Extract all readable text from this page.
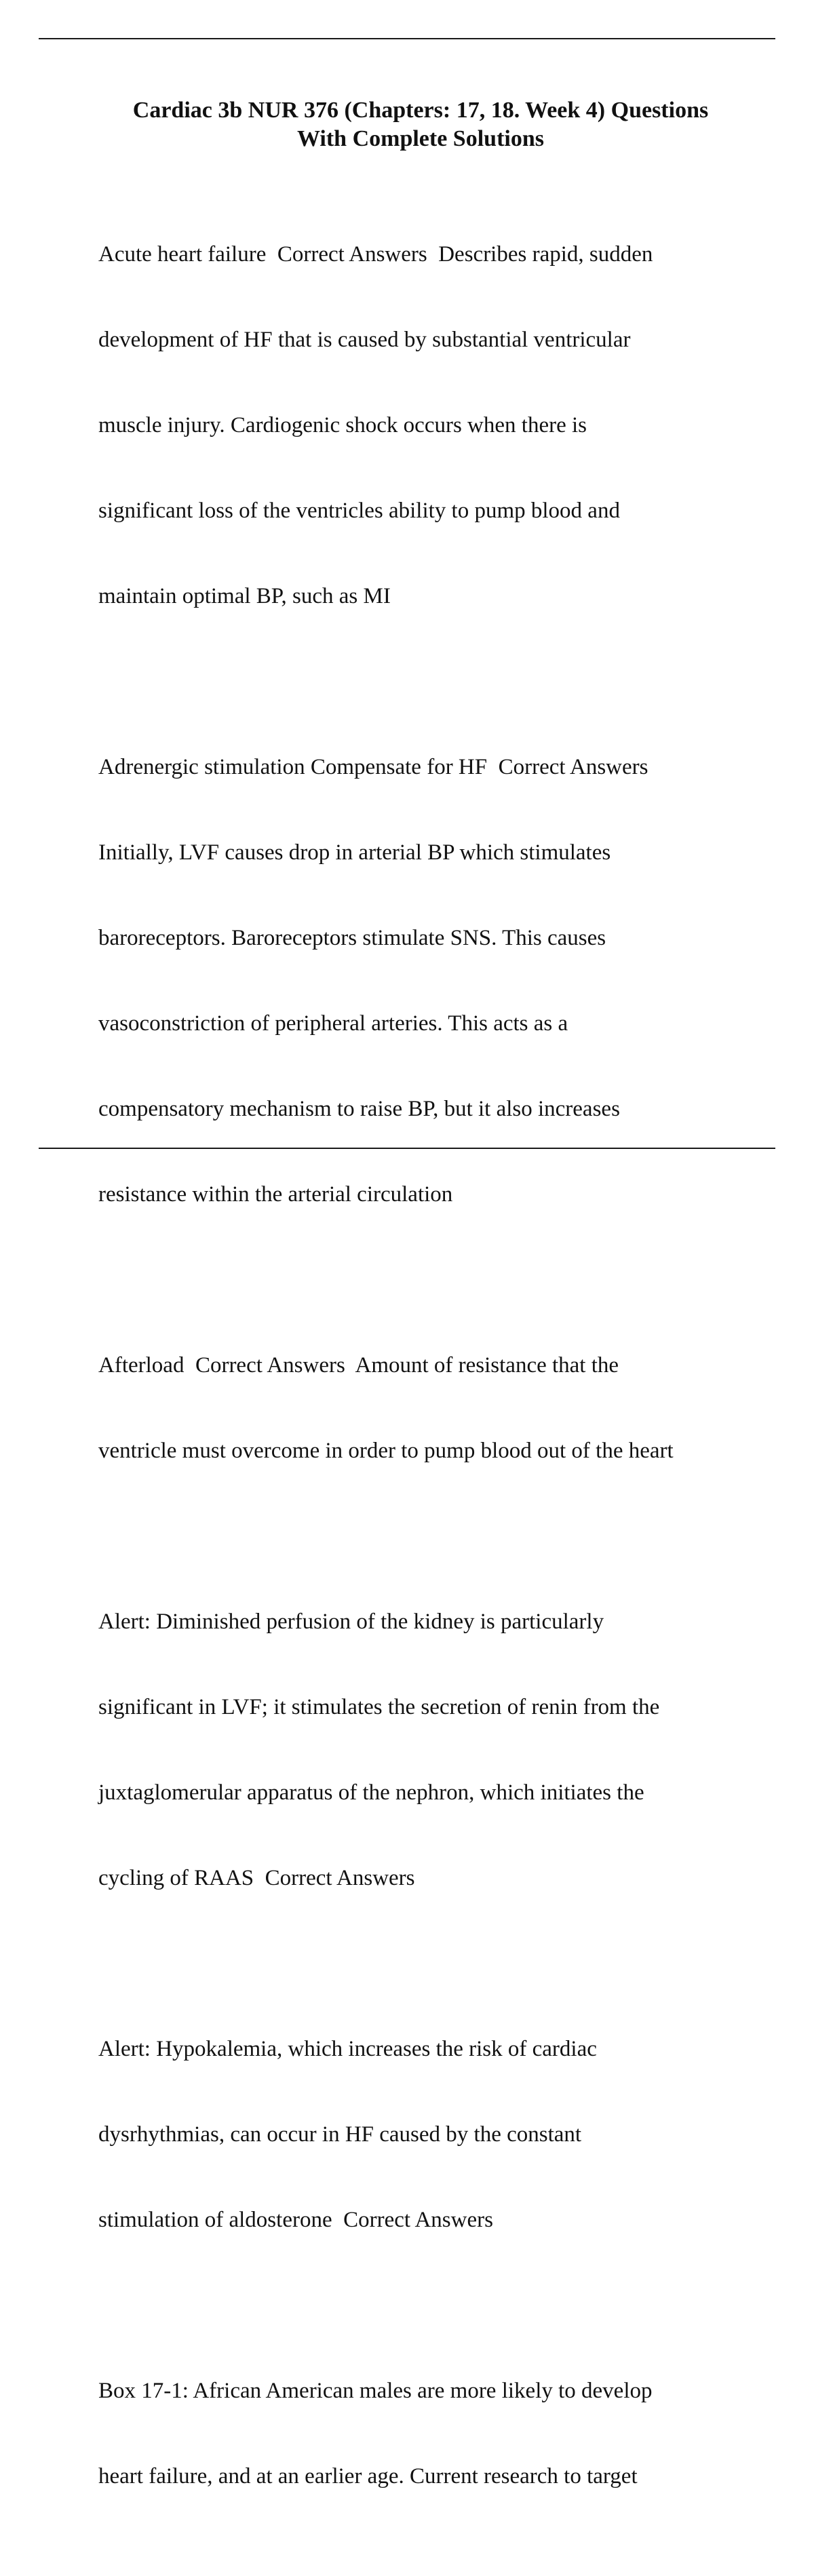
Cardiac 3b NUR 376 (Chapters: 17, 18. Week 4) Questions
With Complete Solutions

Acute heart failure  Correct Answers  Describes rapid, sudden

development of HF that is caused by substantial ventricular

muscle injury. Cardiogenic shock occurs when there is

significant loss of the ventricles ability to pump blood and

maintain optimal BP, such as MI

Adrenergic stimulation Compensate for HF  Correct Answers

Initially, LVF causes drop in arterial BP which stimulates

baroreceptors. Baroreceptors stimulate SNS. This causes

vasoconstriction of peripheral arteries. This acts as a

compensatory mechanism to raise BP, but it also increases

resistance within the arterial circulation

Afterload  Correct Answers  Amount of resistance that the

ventricle must overcome in order to pump blood out of the heart

Alert: Diminished perfusion of the kidney is particularly

significant in LVF; it stimulates the secretion of renin from the

juxtaglomerular apparatus of the nephron, which initiates the

cycling of RAAS  Correct Answers

Alert: Hypokalemia, which increases the risk of cardiac

dysrhythmias, can occur in HF caused by the constant

stimulation of aldosterone  Correct Answers

Box 17-1: African American males are more likely to develop

heart failure, and at an earlier age. Current research to target
